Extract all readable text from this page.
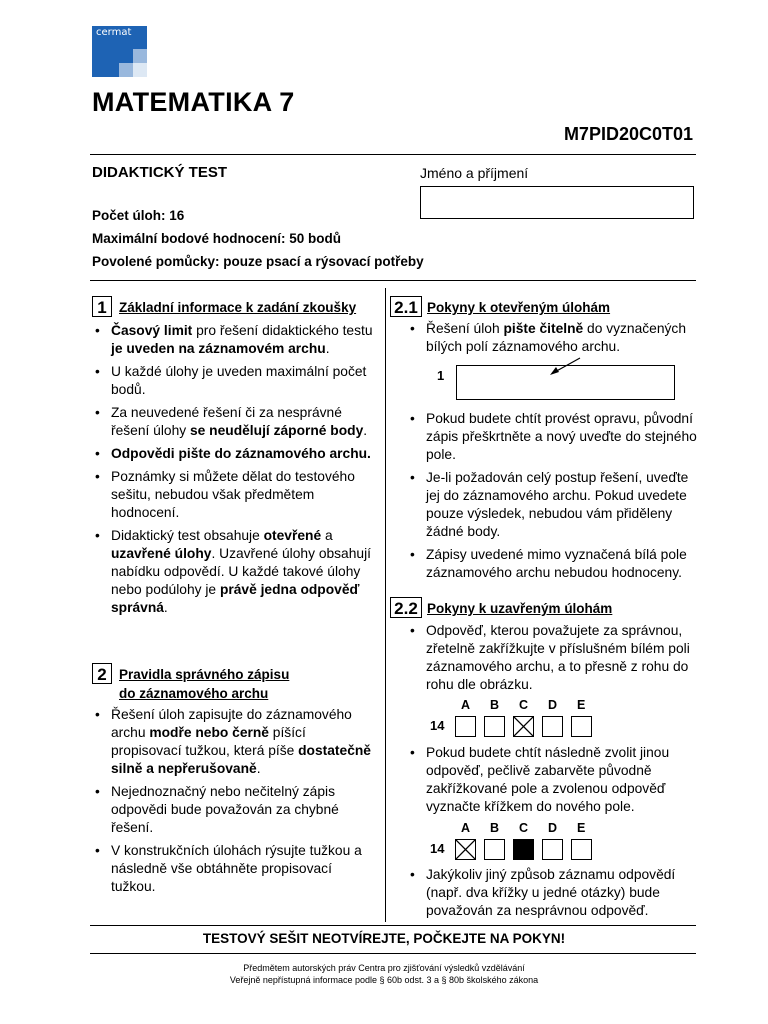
cermat
MATEMATIKA 7
M7PID20C0T01
DIDAKTICKÝ TEST	Jméno a příjmení
Počet úloh: 16
Maximální bodové hodnocení: 50 bodů
Povolené pomůcky: pouze psací a rýsovací potřeby
1 Základní informace k zadání zkoušky
• Časový limit pro řešení didaktického testu je uveden na záznamovém archu.
• U každé úlohy je uveden maximální počet bodů.
• Za neuvedené řešení či za nesprávné řešení úlohy se neudělují záporné body.
• Odpovědi pište do záznamového archu.
• Poznámky si můžete dělat do testového sešitu, nebudou však předmětem hodnocení.
• Didaktický test obsahuje otevřené a uzavřené úlohy. Uzavřené úlohy obsahují nabídku odpovědí. U každé takové úlohy nebo podúlohy je právě jedna odpověď správná.
2 Pravidla správného zápisu
do záznamového archu
• Řešení úloh zapisujte do záznamového archu modře nebo černě píšící propisovací tužkou, která píše dostatečně silně a nepřerušovaně.
• Nejednoznačný nebo nečitelný zápis odpovědi bude považován za chybné řešení.
• V konstrukčních úlohách rýsujte tužkou a následně vše obtáhněte propisovací tužkou.
2.1 Pokyny k otevřeným úlohám
• Řešení úloh pište čitelně do vyznačených bílých polí záznamového archu.
1
• Pokud budete chtít provést opravu, původní zápis přeškrtněte a nový uveďte do stejného pole.
• Je-li požadován celý postup řešení, uveďte jej do záznamového archu. Pokud uvedete pouze výsledek, nebudou vám přiděleny žádné body.
• Zápisy uvedené mimo vyznačená bílá pole záznamového archu nebudou hodnoceny.
2.2 Pokyny k uzavřeným úlohám
• Odpověď, kterou považujete za správnou, zřetelně zakřížkujte v příslušném bílém poli záznamového archu, a to přesně z rohu do rohu dle obrázku.
A B C D E
14
• Pokud budete chtít následně zvolit jinou odpověď, pečlivě zabarvěte původně zakřížkované pole a zvolenou odpověď vyznačte křížkem do nového pole.
A B C D E
14
• Jakýkoliv jiný způsob záznamu odpovědí (např. dva křížky u jedné otázky) bude považován za nesprávnou odpověď.
TESTOVÝ SEŠIT NEOTVÍREJTE, POČKEJTE NA POKYN!
Předmětem autorských práv Centra pro zjišťování výsledků vzdělávání
Veřejně nepřístupná informace podle § 60b odst. 3 a § 80b školského zákona
